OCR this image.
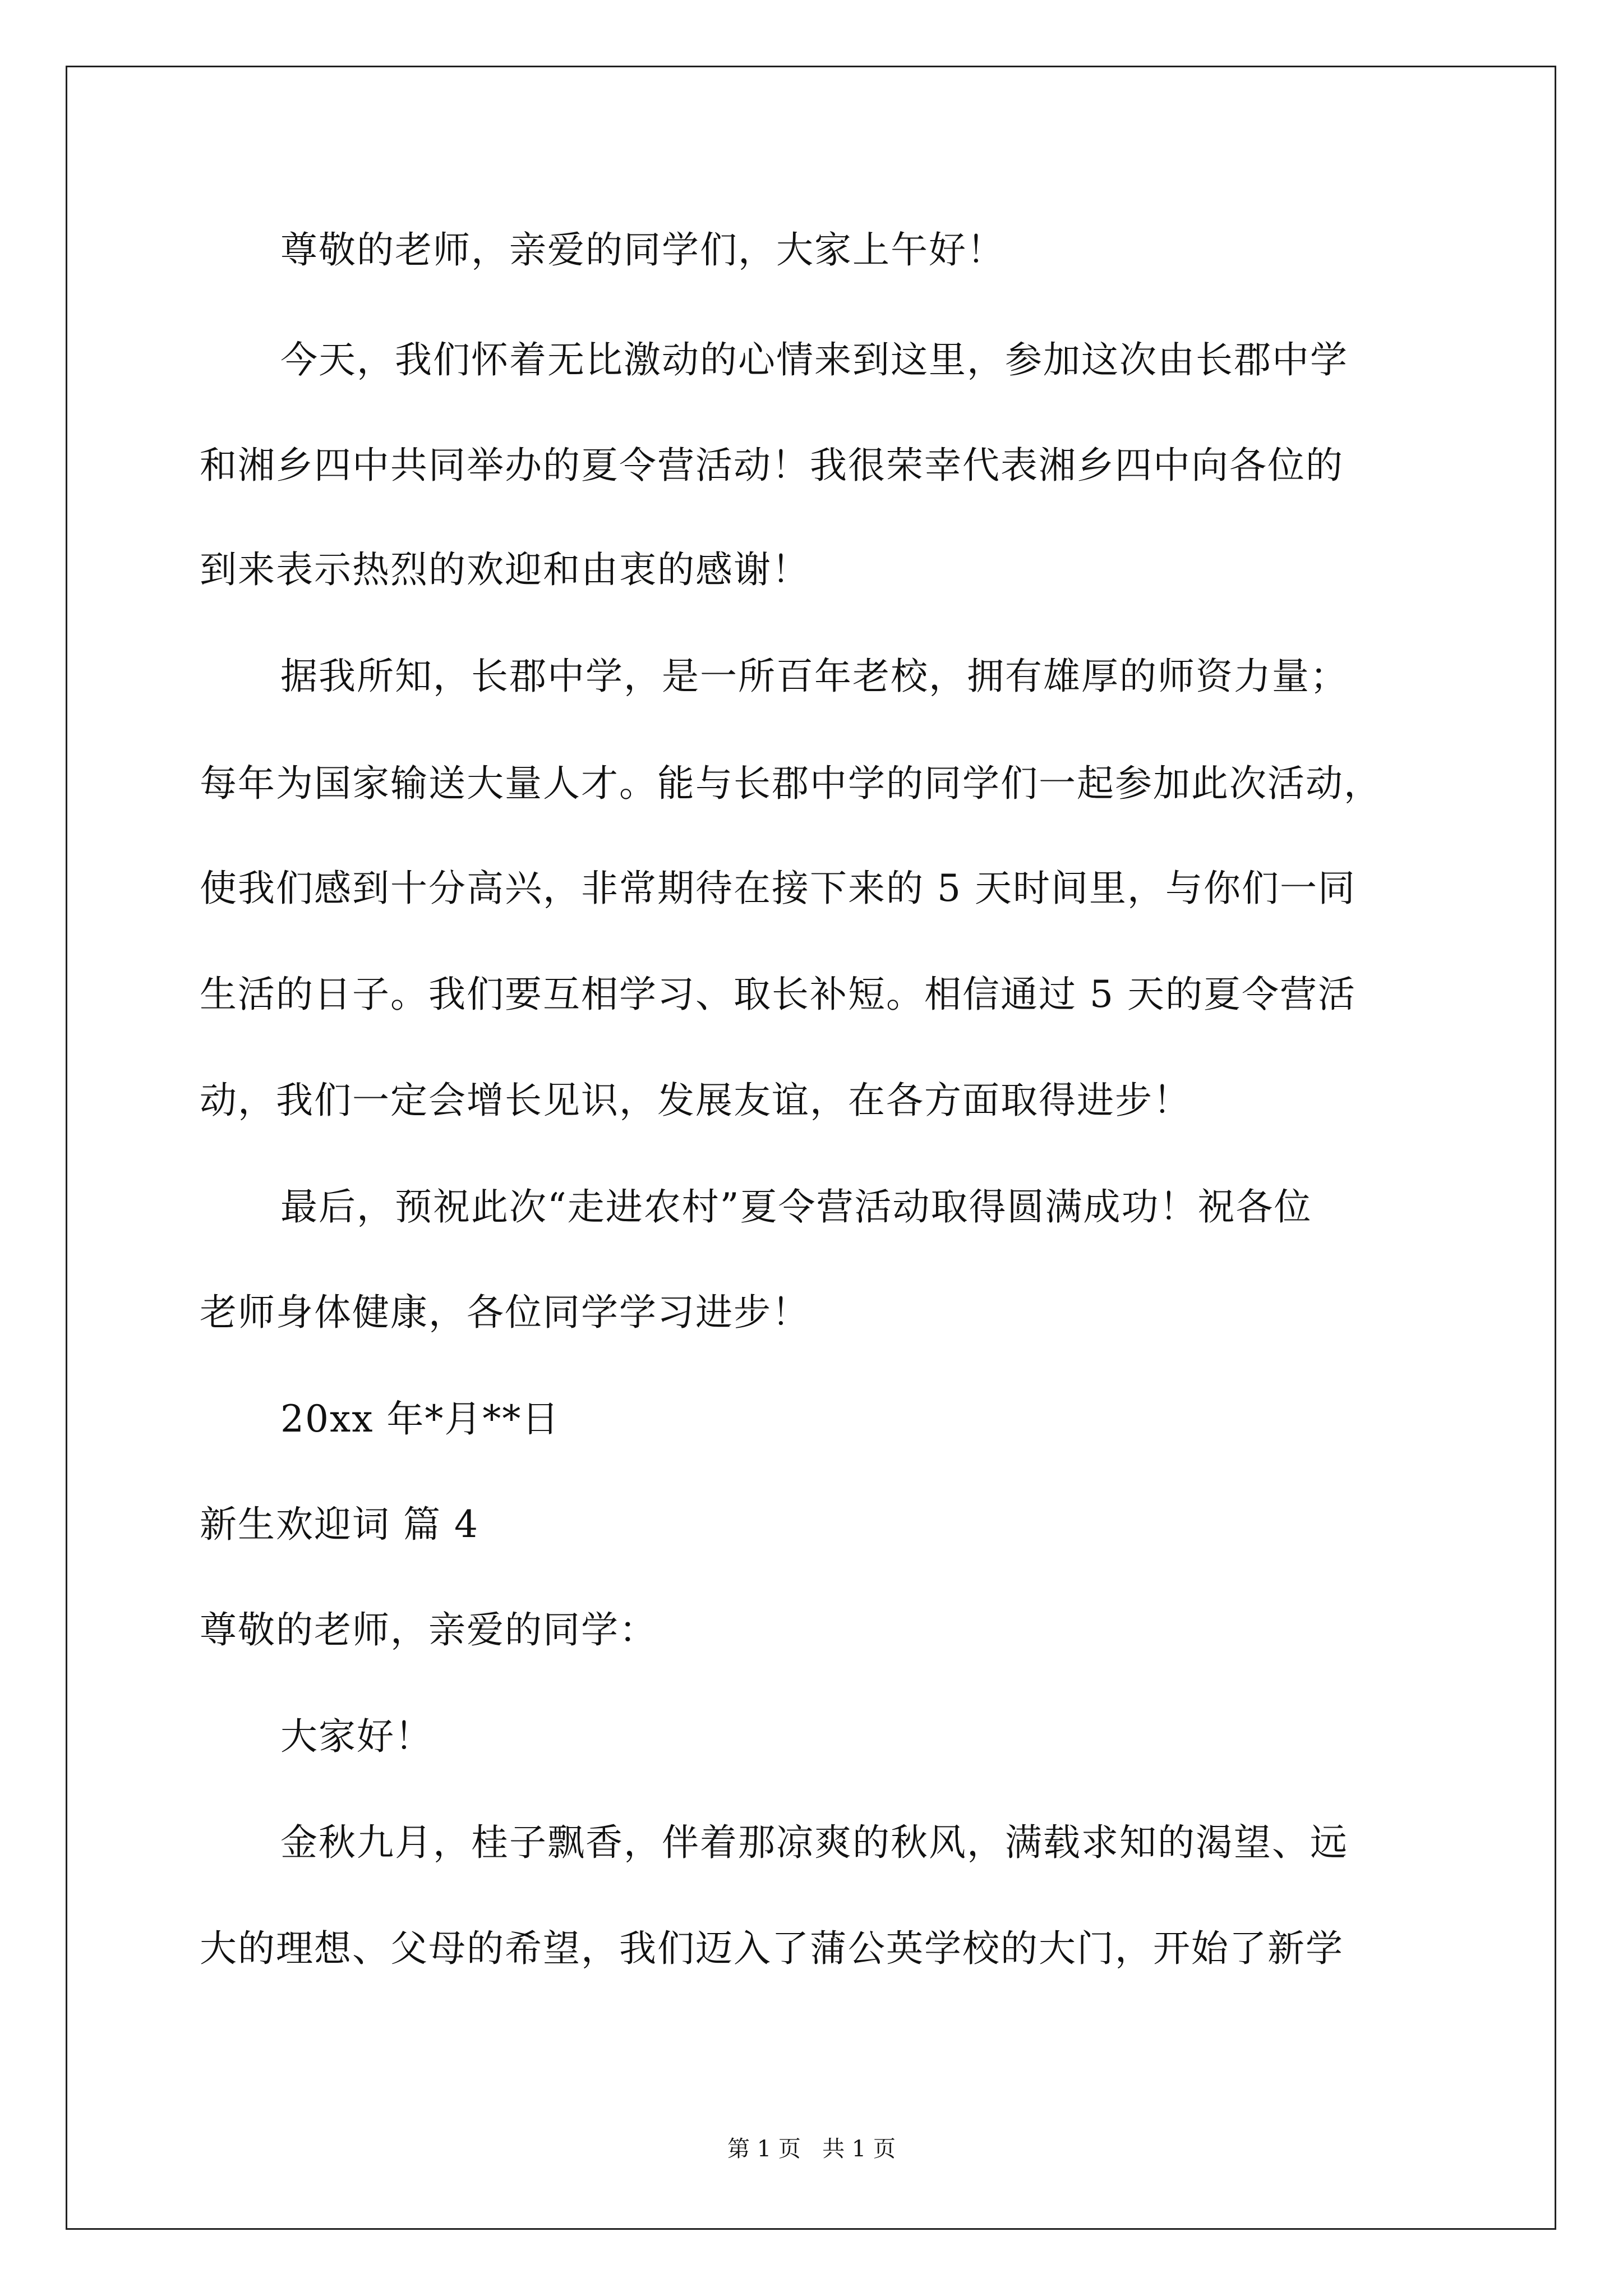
尊敬的老师，亲爱的同学们，大家上午好！
今天，我们怀着无比激动的心情来到这里，参加这次由长郡中学
和湘乡四中共同举办的夏令营活动！我很荣幸代表湘乡四中向各位的
到来表示热烈的欢迎和由衷的感谢！
据我所知，长郡中学，是一所百年老校，拥有雄厚的师资力量；
每年为国家输送大量人才。能与长郡中学的同学们一起参加此次活动，
使我们感到十分高兴，非常期待在接下来的 5 天时间里，与你们一同
生活的日子。我们要互相学习、取长补短。相信通过 5 天的夏令营活
动，我们一定会增长见识，发展友谊，在各方面取得进步！
最后，预祝此次“走进农村”夏令营活动取得圆满成功！祝各位
老师身体健康，各位同学学习进步！
20xx 年*月**日
新生欢迎词 篇 4
尊敬的老师，亲爱的同学：
大家好！
金秋九月，桂子飘香，伴着那凉爽的秋风，满载求知的渴望、远
大的理想、父母的希望，我们迈入了蒲公英学校的大门，开始了新学
第 1 页   共 1 页
